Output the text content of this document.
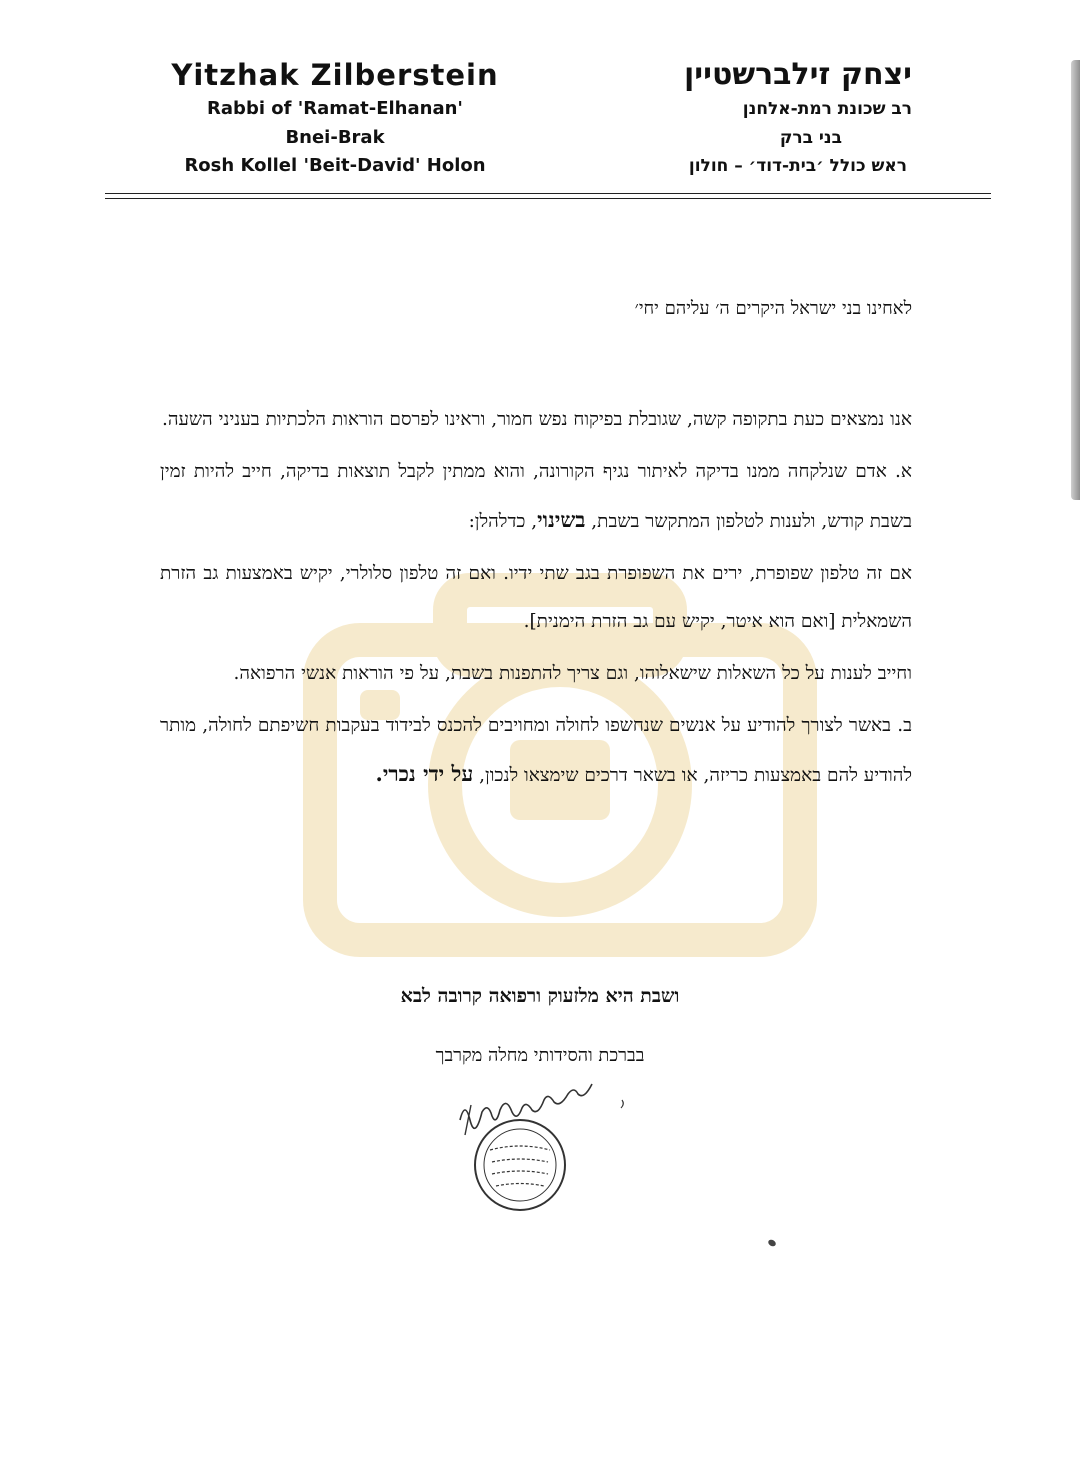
Yitzhak Zilberstein
Rabbi of 'Ramat-Elhanan'
Bnei-Brak
Rosh Kollel 'Beit-David' Holon
יצחק זילברשטיין
רב שכונת רמת-אלחנן
בני ברק
ראש כולל ׳בית-דוד׳ – חולון
לאחינו בני ישראל היקרים ה׳ עליהם יחי׳

אנו נמצאים כעת בתקופה קשה, שגובלת בפיקוח נפש חמור, וראינו לפרסם הוראות הלכתיות בעניני השעה.

א. אדם שנלקחה ממנו בדיקה לאיתור נגיף הקורונה, והוא ממתין לקבל תוצאות בדיקה, חייב להיות זמין בשבת קודש, ולענות לטלפון המתקשר בשבת, בשינוי, כדלהלן:

אם זה טלפון שפופרת, ירים את השפופרת בגב שתי ידיו. ואם זה טלפון סלולרי, יקיש באמצעות גב הזרת השמאלית [ואם הוא איטר, יקיש עם גב הזרת הימנית].

וחייב לענות על כל השאלות שישאלוהו, וגם צריך להתפנות בשבת, על פי הוראות אנשי הרפואה.

ב. באשר לצורך להודיע על אנשים שנחשפו לחולה ומחויבים להכנס לבידוד בעקבות חשיפתם לחולה, מותר להודיע להם באמצעות כריזה, או בשאר דרכים שימצאו לנכון, על ידי נכרי.

ושבת היא מלזעוק ורפואה קרובה לבא
בברכת והסידותי מחלה מקרבך
